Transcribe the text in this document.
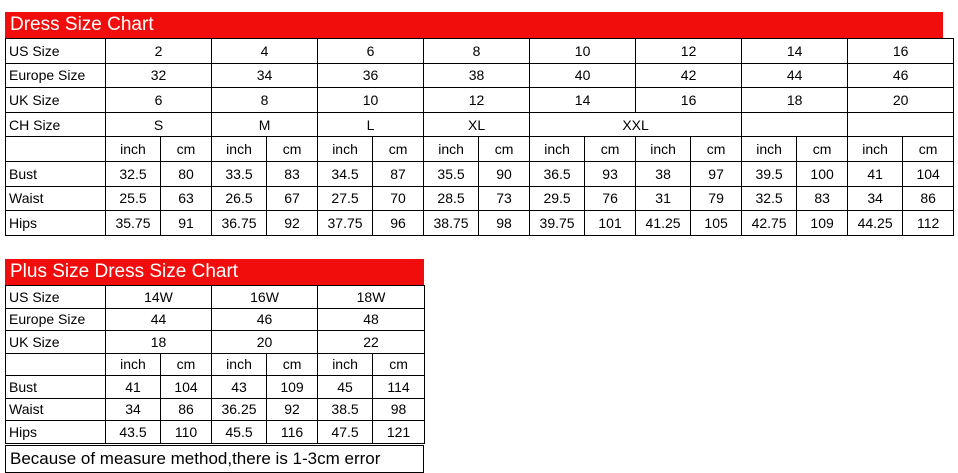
Dress Size Chart
US Size	2		4		6		8		10		12		14		16	
Europe Size	32		34		36		38		40		42		44		46	
UK Size	6		8		10		12		14		16		18		20	
CH Size	S		M		L		XL		XXL							
	inch	cm	inch	cm	inch	cm	inch	cm	inch	cm	inch	cm	inch	cm	inch	cm
Bust	32.5	80	33.5	83	34.5	87	35.5	90	36.5	93	38	97	39.5	100	41	104
Waist	25.5	63	26.5	67	27.5	70	28.5	73	29.5	76	31	79	32.5	83	34	86
Hips	35.75	91	36.75	92	37.75	96	38.75	98	39.75	101	41.25	105	42.75	109	44.25	112
Plus Size Dress Size Chart
US Size	14W		16W		18W	
Europe Size	44		46		48	
UK Size	18		20		22	
	inch	cm	inch	cm	inch	cm
Bust	41	104	43	109	45	114
Waist	34	86	36.25	92	38.5	98
Hips	43.5	110	45.5	116	47.5	121
Because of measure method,there is 1-3cm error
